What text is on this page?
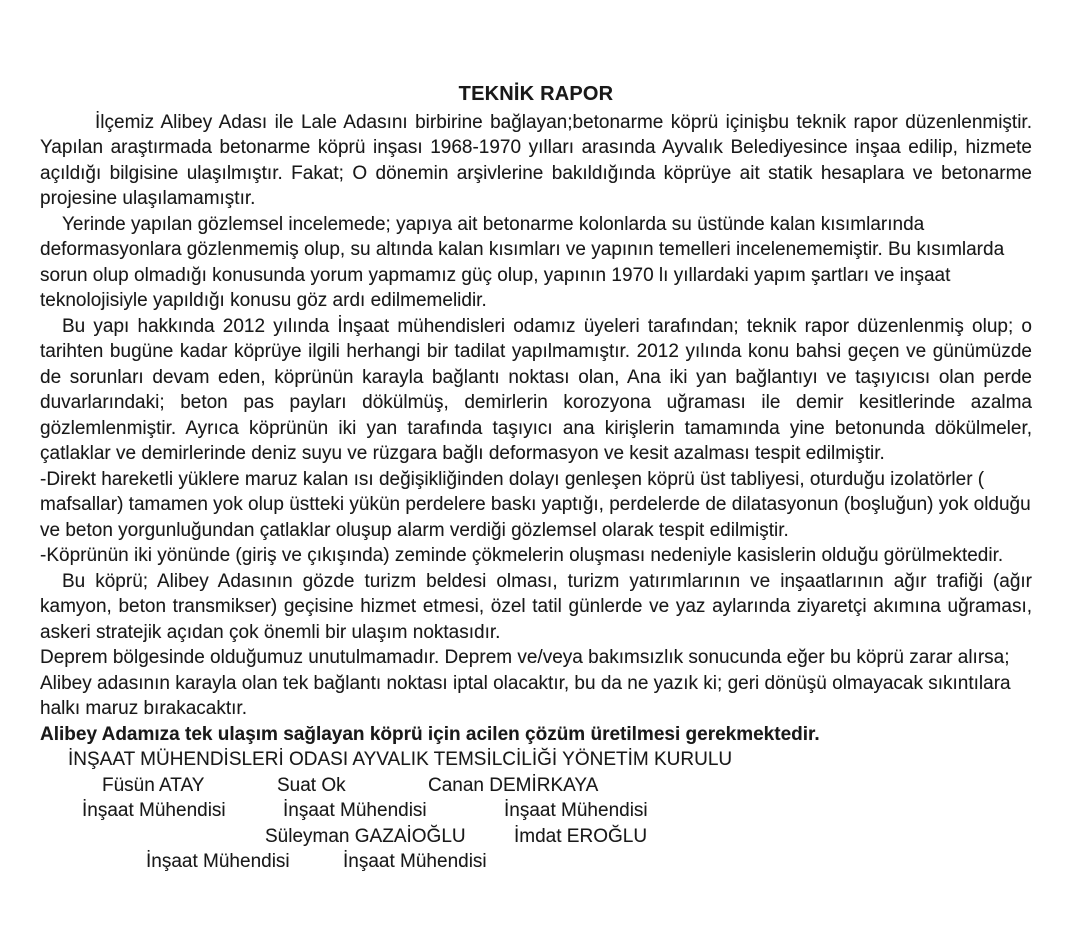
TEKNİK RAPOR

İlçemiz Alibey Adası ile Lale Adasını birbirine bağlayan;betonarme köprü içinişbu teknik rapor düzenlenmiştir. Yapılan araştırmada betonarme köprü inşası 1968-1970 yılları arasında Ayvalık Belediyesince inşaa edilip, hizmete açıldığı bilgisine ulaşılmıştır. Fakat; O dönemin arşivlerine bakıldığında köprüye ait statik hesaplara ve betonarme projesine ulaşılamamıştır.

Yerinde yapılan gözlemsel incelemede; yapıya ait betonarme kolonlarda su üstünde kalan kısımlarında deformasyonlara gözlenmemiş olup, su altında kalan kısımları ve yapının temelleri incelenememiştir. Bu kısımlarda sorun olup olmadığı konusunda yorum yapmamız güç olup, yapının 1970 lı yıllardaki yapım şartları ve inşaat teknolojisiyle yapıldığı konusu göz ardı edilmemelidir.

Bu yapı hakkında 2012 yılında İnşaat mühendisleri odamız üyeleri tarafından; teknik rapor düzenlenmiş olup; o tarihten bugüne kadar köprüye ilgili herhangi bir tadilat yapılmamıştır. 2012 yılında konu bahsi geçen ve günümüzde de sorunları devam eden, köprünün karayla bağlantı noktası olan, Ana iki yan bağlantıyı ve taşıyıcısı olan perde duvarlarındaki; beton pas payları dökülmüş, demirlerin korozyona uğraması ile demir kesitlerinde azalma gözlemlenmiştir. Ayrıca köprünün iki yan tarafında taşıyıcı ana kirişlerin tamamında yine betonunda dökülmeler, çatlaklar ve demirlerinde deniz suyu ve rüzgara bağlı deformasyon ve kesit azalması tespit edilmiştir.

-Direkt hareketli yüklere maruz kalan ısı değişikliğinden dolayı genleşen köprü üst tabliyesi, oturduğu izolatörler ( mafsallar) tamamen yok olup üstteki yükün perdelere baskı yaptığı, perdelerde de dilatasyonun (boşluğun) yok olduğu ve beton yorgunluğundan çatlaklar oluşup alarm verdiği gözlemsel olarak tespit edilmiştir.

-Köprünün iki yönünde (giriş ve çıkışında) zeminde çökmelerin oluşması nedeniyle kasislerin olduğu görülmektedir.

Bu köprü; Alibey Adasının gözde turizm beldesi olması, turizm yatırımlarının ve inşaatlarının ağır trafiği (ağır kamyon, beton transmikser) geçisine hizmet etmesi, özel tatil günlerde ve yaz aylarında ziyaretçi akımına uğraması, askeri stratejik açıdan çok önemli bir ulaşım noktasıdır.

Deprem bölgesinde olduğumuz unutulmamadır. Deprem ve/veya bakımsızlık sonucunda eğer bu köprü zarar alırsa; Alibey adasının karayla olan tek bağlantı noktası iptal olacaktır, bu da ne yazık ki; geri dönüşü olmayacak sıkıntılara halkı maruz bırakacaktır.

Alibey Adamıza tek ulaşım sağlayan köprü için acilen çözüm üretilmesi gerekmektedir.

İNŞAAT MÜHENDİSLERİ ODASI AYVALIK TEMSİLCİLİĞİ YÖNETİM KURULU

Füsün ATAY	Suat Ok	Canan DEMİRKAYA
İnşaat Mühendisi	İnşaat Mühendisi	İnşaat Mühendisi
Süleyman GAZAİOĞLU	İmdat EROĞLU
İnşaat Mühendisi	İnşaat Mühendisi
